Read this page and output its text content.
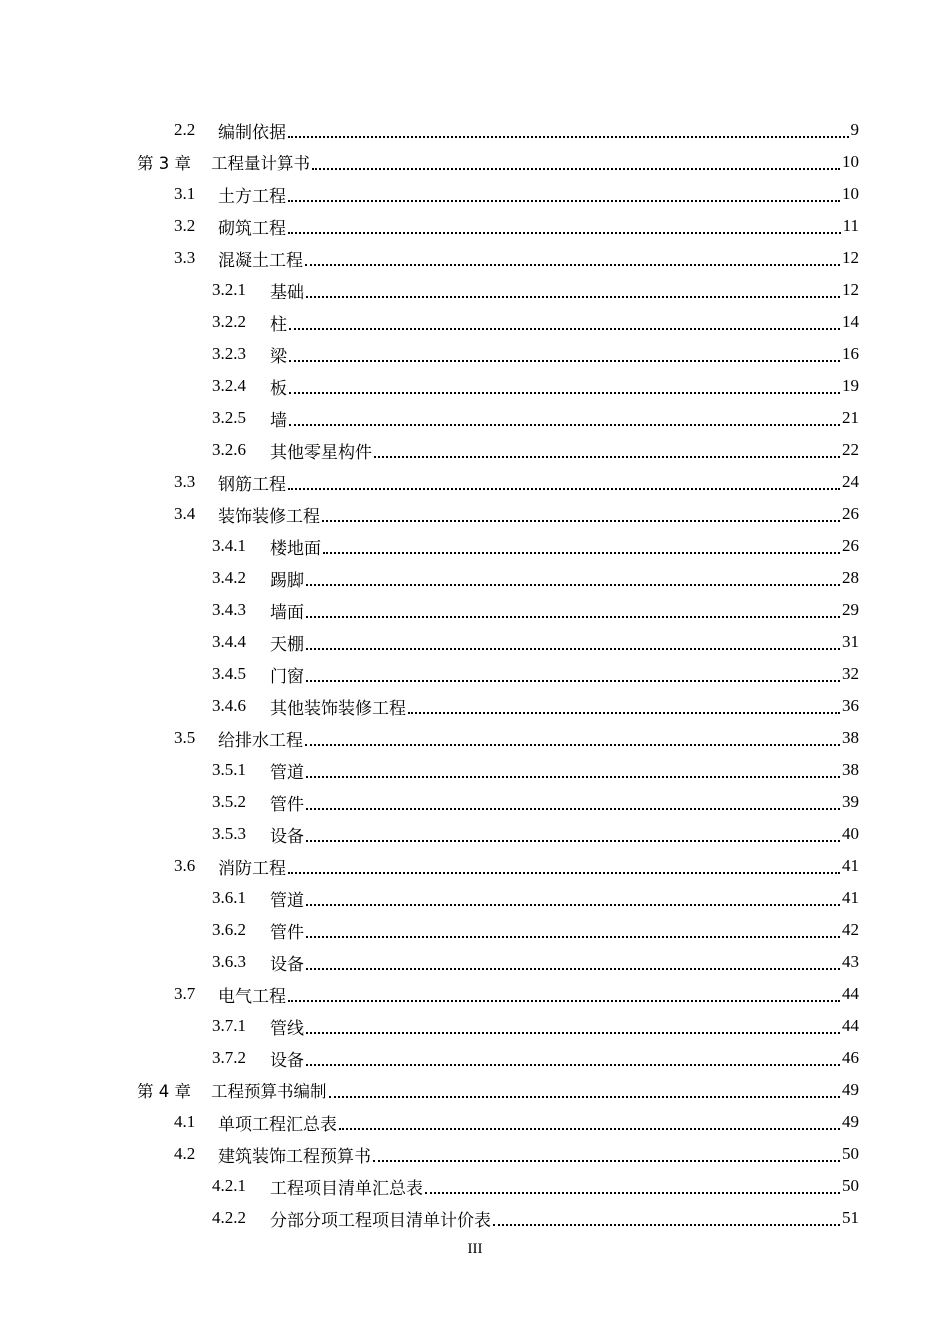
2.2	编制依据	9
第 3 章	工程量计算书	10
3.1	土方工程	10
3.2	砌筑工程	11
3.3	混凝土工程	12
3.2.1	基础	12
3.2.2	柱	14
3.2.3	梁	16
3.2.4	板	19
3.2.5	墙	21
3.2.6	其他零星构件	22
3.3	钢筋工程	24
3.4	装饰装修工程	26
3.4.1	楼地面	26
3.4.2	踢脚	28
3.4.3	墙面	29
3.4.4	天棚	31
3.4.5	门窗	32
3.4.6	其他装饰装修工程	36
3.5	给排水工程	38
3.5.1	管道	38
3.5.2	管件	39
3.5.3	设备	40
3.6	消防工程	41
3.6.1	管道	41
3.6.2	管件	42
3.6.3	设备	43
3.7	电气工程	44
3.7.1	管线	44
3.7.2	设备	46
第 4 章	工程预算书编制	49
4.1	单项工程汇总表	49
4.2	建筑装饰工程预算书	50
4.2.1	工程项目清单汇总表	50
4.2.2	分部分项工程项目清单计价表	51
III
